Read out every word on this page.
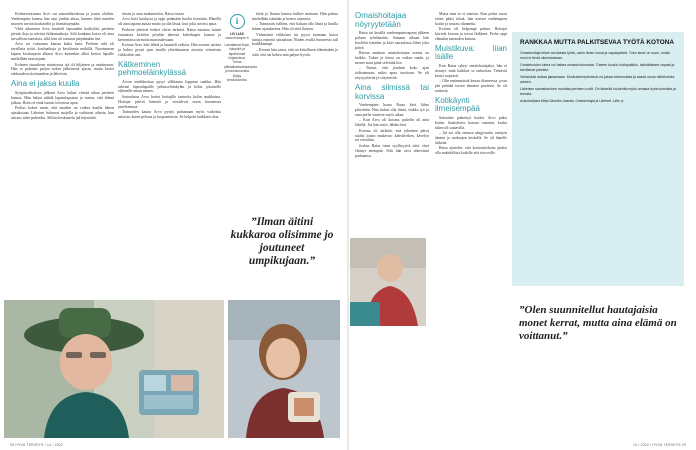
Kolmevuotiaana Arvo sai sairaalahoidossa ja joutui oloihin. Vanhempien kanssa hän asui jonkin aikaa, kunnes lähti muiden nuorten tavoin koulutielle ja itsenäistymään.

Vielä aikuisena Arvo muisteli lapsuuden kotikylää, perheen pieniä iloja ja talvisia hiihtomatkoja. Silti kaukana kotoa oli aina turvallisen tuntuista, sillä hän oli tottunut pärjäämään itse.

Arvo sai vaimonsa kanssa kaksi lasta. Perheen arki oli tavallista työtä, kouluaikoja ja kesälomia mökillä. Nuorimman lapsen kouluajasta alkaen Arvo kuitenkin alkoi kertoa lapsille mielellään muistojaan.

Kolmen sisaruksen muistoissa isä oli hiljainen ja vaatimaton. Hän ei puhunut paljon sodan jälkeisestä ajasta, mutta kertoi rakkaudesta kotimaahan ja läheisiin.

Aina ei jaksa kuulla

Syöpätodetuksen jälkeen Arvo halusi viettää aikaa perheen kanssa. Hän halusi nähdä lapsenlapsiaan ja tuntea, että elämä jatkuu. Hoito ei enää tuonut toivottua apua.

Potilas kokee usein, että muiden on vaikea kuulla hänen ajatuksiaan. Läheiset haluavat suojella ja vaihtavat aihetta, kun sairaus tulee puheeksi. Silloin keskustelu jää käymättä.

räisen ja oma mukanaolon, Raisa toteaa.

Arvo kävi koulussa ja oppi pitämään huolta itsestään. Hänellä oli aina tapana auttaa muita ja olla läsnä, kun joku tarvitsi apua.

Perheen yhteiset hetket olivat tärkeitä. Raisa muistaa isänsä istumassa keittiön pöydän ääressä kahvikupin kanssa ja kertomassa tarinoita nuoruudestaan.

Kotona Arvo luki lehtiä ja kuunteli radiota. Hän seurasi uutisia ja halusi pysyä ajan tasalla yhteiskunnan asioista viimeisiin viikkoihin asti.

Kätkeminen pehmoeläinkylässä

Arvon mielikuvitus pysyi vilkkaana loppuun saakka. Hän rakensi lapsenlapsille pehmoeläinkylän ja keksi jokaiselle eläimelle oman nimen.

Sairaalassa Arvo kertoi hoitajille tarinoita kylän asukkaista. Hoitajat pitivät hänestä ja vierailivat usein huoneessa juttelemassa.

Tarinoiden kautta Arvo pystyi puhumaan myös vaikeista asioista, kuten pelosta ja luopumisesta. Se helpotti kaikkien oloa.

i
LIV LIAS
www.example.fi
Lainattavat kirjat, lukupiirit ja tapahtumat kirjastoissa. Tietoa pitkäaikaissairauksista ja tukimuodoista löytyy verkkosivuilta.

tävät ja Ilonan kanssa kulkee mukana. Hän puhuu mielellään isästään ja kertoo tarinoita.

– Tunnustin isälleni, että haluan olla läsnä ja kuulla hänen ajatuksensa. Hän oli siitä iloinen.

Viimeisinä viikkoina isä pyysi tuomaan kotoa tuttuja esineitä sairaalaan. Niiden avulla huoneesta tuli kodikkaampi.

– Kerran hän sanoi, että on kiitollinen elämästään ja siitä, että sai kokea niin paljon hyvää.

”Ilman äitini kukkaroa olisimme jo joutuneet umpikujaan.”
28 HYVÄ TERVEYS / 14 / 2022
Omaishoitajaa nöyryytetään

Raisa sai kesällä vanhempainvapaan jälkeen paluun työelämään. Samaan aikaan hän huolehti isästään ja kävi sairaalassa lähes joka päivä.

Raisan mukaan omaishoitajan asema on heikko. Tukea ja tietoa on vaikea saada, ja monet asiat pitää selvittää itse.

– Tuntui, että jouduin koko ajan todistamaan, miksi apua tarvitaan. Se oli nöyryyttävää ja väsyttävää.

Aina silmissä tai korvissa

Vanhempien luona Raisa kävi lähes päivittäin. Hän halusi olla läsnä, vaikka työ ja oma perhe vaativat myös aikaa.

– Kun Arvo oli kotona, puhelin oli aina lähellä. Jos hän soitti, lähdin heti.

Kotona oli tärkeää, että jokainen päivä sisälsi jotain mukavaa: kahvihetken, kävelyn tai vierailun.

Joskus Raisa tunsi syyllisyyttä siitä, ettei ehtinyt enempää. Silti hän tiesi tekevänsä parhaansa.

Mutta aina se ei onnistu. Kun poika vuosi sitten pääsi töistä, hän asettui vanhempien kotiin ja seurasi tilannetta.

Kotona oli helpompi puhua. Hoitajat kävivät kotona ja toivat lääkkeet. Perhe oppi elämään sairauden kanssa.

Muistikuva: liian isälle

Kun Raisa ryhtyi omaishoitajaksi, hän ei tiennyt, mitä kaikkea se tarkoittaa. Tehtäviä kertyi nopeasti.

– Olin ensimmäistä kertaa tilanteessa, jossa piti päättää toisen ihmisen puolesta. Se oli raskasta.

Kotikäynti ilmeisempää

Sairaalan päätettyä hoidot Arvo pääsi kotiin. Saattohoito kotona onnistui, koska tukea oli saatavilla.

– Isä sai olla omassa sängyssään, tuttujen äänien ja tuoksujen keskellä. Se oli hänelle tärkeää.

Raisa ajattelee, että kotisaattohoito pitäisi olla mahdollista kaikille sitä toivoville.

RANKKAA MUTTA PALKITSEVAA TYÖTÄ KOTONA

Omaishoitaja tekee arvokasta työtä, usein ilman lomia ja vapaapäiviä. Tuen tarve on suuri, mutta moni ei tiedä oikeuksistaan.

Omaishoidon tukea voi hakea omasta kunnasta. Tukeen kuuluu hoitopalkkio, lakisääteiset vapaat ja tarvittavat palvelut.

Vertaistuki auttaa jaksamaan. Keskusteluryhmissä voi jakaa kokemuksia ja saada uusia näkökulmia arkeen.

Läheisen sairastuminen muuttaa perheen roolit. On tärkeää huolehtia myös omasta hyvinvoinnista ja levosta.

Asiantuntijana Meija Salaniko-Vaarala, Omaishoitajat ja Läheiset -Liitto ry

”Olen suunnitellut hautajaisia monet kerrat, mutta aina elämä on voittanut.”
14 / 2022 / HYVÄ TERVEYS 29
